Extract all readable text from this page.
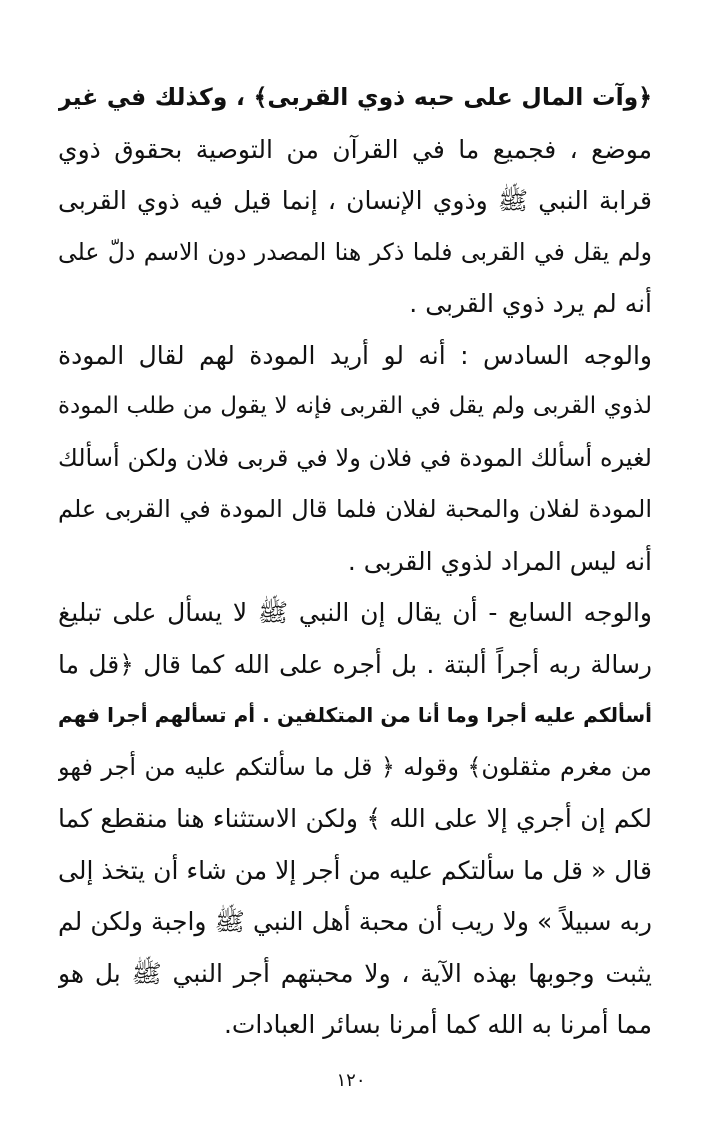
﴿وآت المال على حبه ذوي القربى﴾ ، وكذلك في غير
موضع ، فجميع ما في القرآن من التوصية بحقوق ذوي
قرابة النبي ﷺ وذوي الإنسان ، إنما قيل فيه ذوي القربى
ولم يقل في القربى فلما ذكر هنا المصدر دون الاسم دلّ على
أنه لم يرد ذوي القربى .
والوجه السادس : أنه لو أريد المودة لهم لقال المودة
لذوي القربى ولم يقل في القربى فإنه لا يقول من طلب المودة
لغيره أسألك المودة في فلان ولا في قربى فلان ولكن أسألك
المودة لفلان والمحبة لفلان فلما قال المودة في القربى علم
أنه ليس المراد لذوي القربى .
والوجه السابع - أن يقال إن النبي ﷺ لا يسأل على تبليغ
رسالة ربه أجراً ألبتة . بل أجره على الله كما قال ﴿قل ما
أسألكم عليه أجرا وما أنا من المتكلفين . أم تسألهم أجرا فهم
من مغرم مثقلون﴾ وقوله ﴿ قل ما سألتكم عليه من أجر فهو
لكم إن أجري إلا على الله ﴾ ولكن الاستثناء هنا منقطع كما
قال « قل ما سألتكم عليه من أجر إلا من شاء أن يتخذ إلى
ربه سبيلاً » ولا ريب أن محبة أهل النبي ﷺ واجبة ولكن لم
يثبت وجوبها بهذه الآية ، ولا محبتهم أجر النبي ﷺ بل هو
مما أمرنا به الله كما أمرنا بسائر العبادات.
١٢٠
